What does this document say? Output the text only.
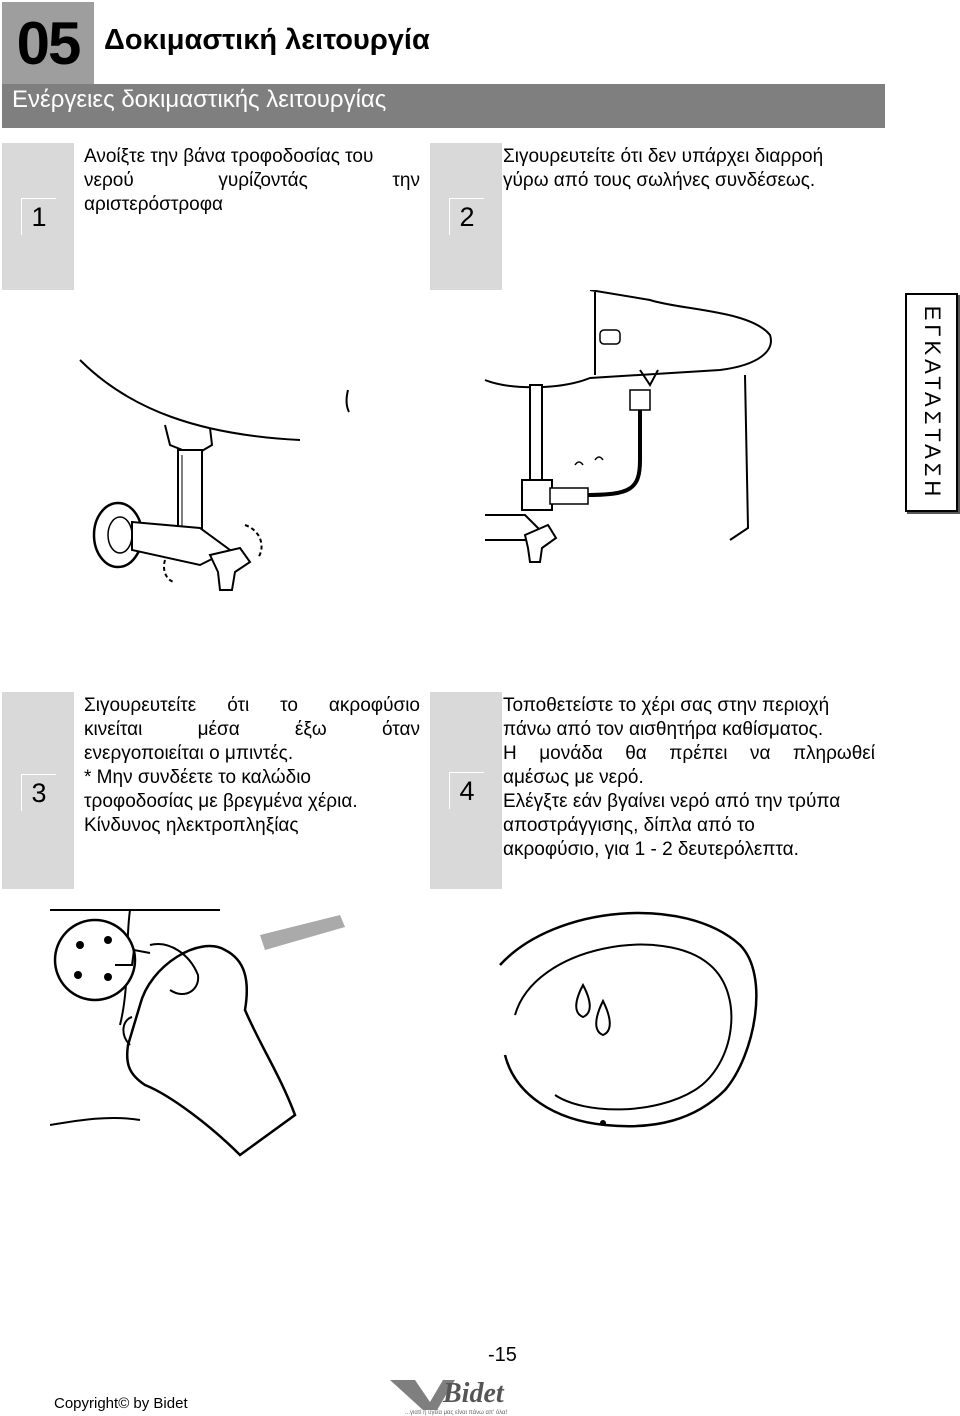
05 Δοκιμαστική λειτουργία
Ενέργειες δοκιμαστικής λειτουργίας
1
Ανοίξτε την βάνα τροφοδοσίας του
νερού γυρίζοντάς την
αριστερόστροφα	2
Σιγουρευτείτε ότι δεν υπάρχει διαρροή
γύρω από τους σωλήνες συνδέσεως.
ΕΓΚΑΤΑΣΤΑΣΗ
3
Σιγουρευτείτε ότι το ακροφύσιο
κινείται μέσα έξω όταν
ενεργοποιείται ο μπιντές.
* Μην συνδέετε το καλώδιο
τροφοδοσίας με βρεγμένα χέρια.
Κίνδυνος ηλεκτροπληξίας
4
Τοποθετείστε το χέρι σας στην περιοχή
πάνω από τον αισθητήρα καθίσματος.
Η μονάδα θα πρέπει να πληρωθεί
αμέσως με νερό.
Ελέγξτε εάν βγαίνει νερό από την τρύπα
αποστράγγισης, δίπλα από το
ακροφύσιο, για 1 - 2 δευτερόλεπτα.
-15
Copyright© by Bidet	Bidet
...γιατί η υγεία μας είναι πάνω απ' όλα!
